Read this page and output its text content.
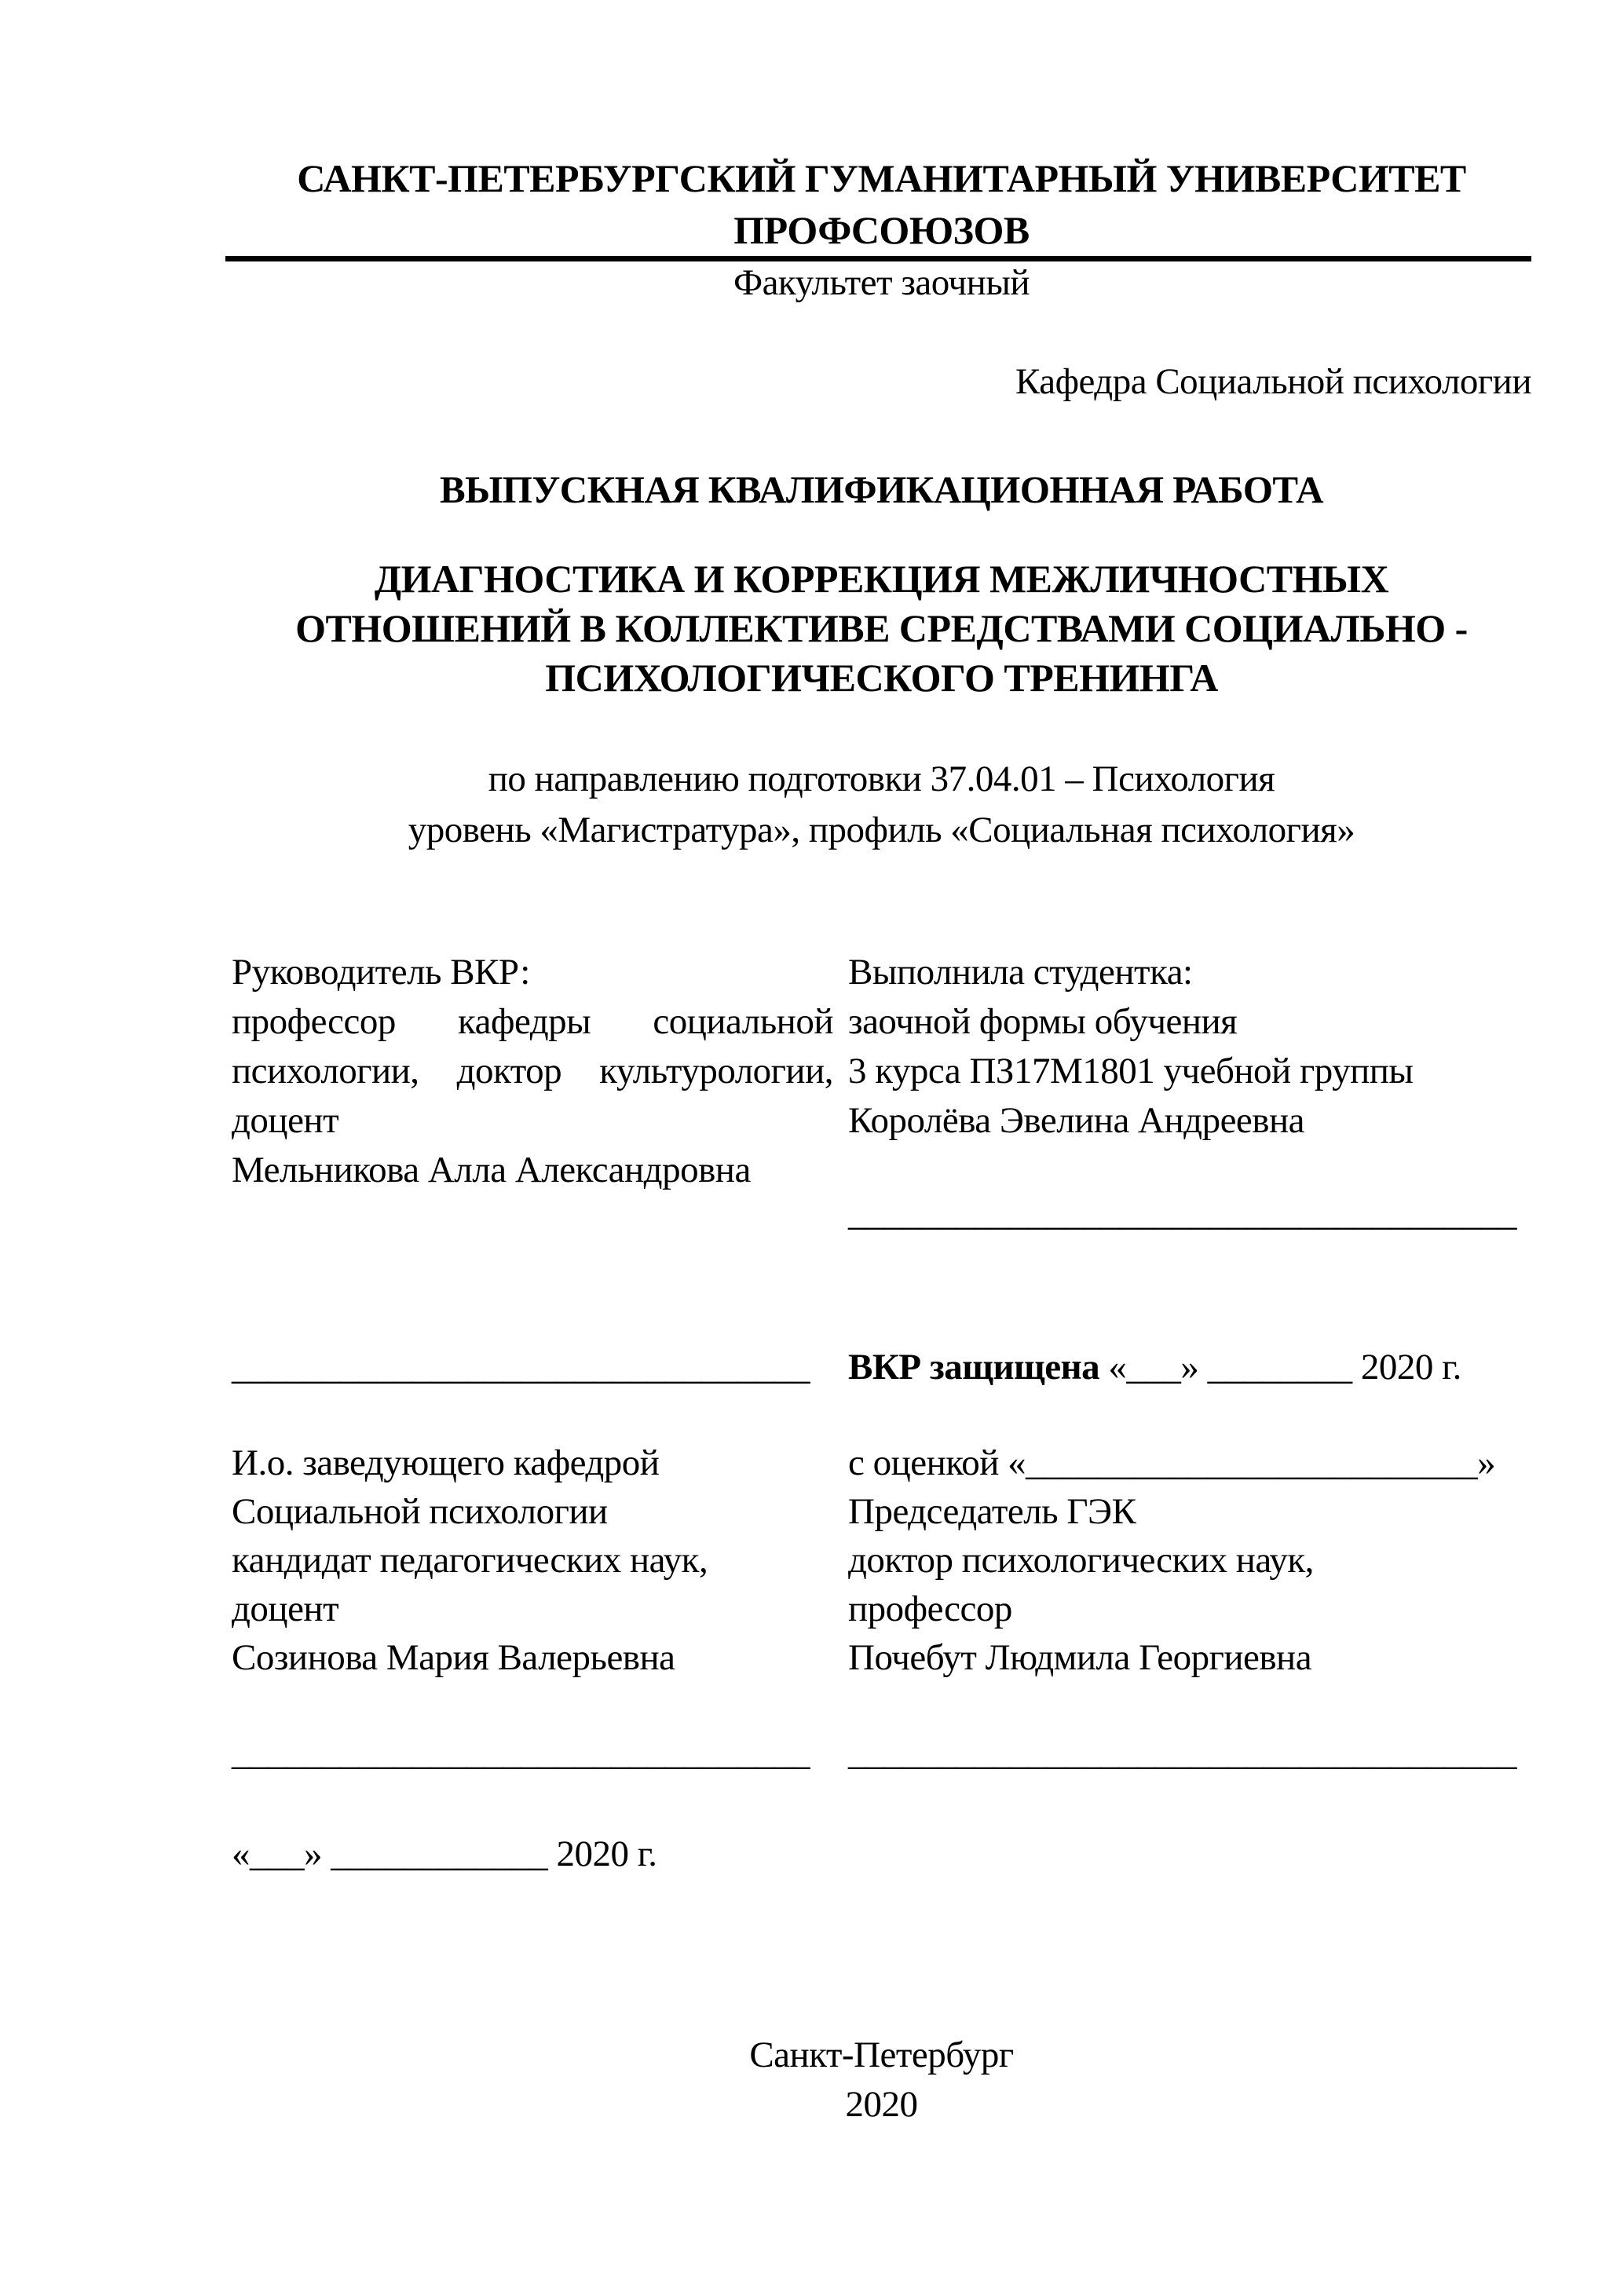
САНКТ-ПЕТЕРБУРГСКИЙ ГУМАНИТАРНЫЙ УНИВЕРСИТЕТ
ПРОФСОЮЗОВ
Факультет заочный
Кафедра Социальной психологии
ВЫПУСКНАЯ КВАЛИФИКАЦИОННАЯ РАБОТА
ДИАГНОСТИКА И КОРРЕКЦИЯ МЕЖЛИЧНОСТНЫХ
ОТНОШЕНИЙ В КОЛЛЕКТИВЕ СРЕДСТВАМИ СОЦИАЛЬНО -
ПСИХОЛОГИЧЕСКОГО ТРЕНИНГА
по направлению подготовки 37.04.01 – Психология
уровень «Магистратура», профиль «Социальная психология»
Руководитель ВКР:
профессор кафедры социальной
психологии, доктор культурологии,
доцент
Мельникова Алла Александровна
Выполнила студентка:
заочной формы обучения
3 курса ПЗ17М1801 учебной группы
Королёва Эвелина Андреевна
_____________________________________
________________________________	ВКР защищена «___» ________ 2020 г.
И.о. заведующего кафедрой
Социальной психологии
кандидат педагогических наук,
доцент
Созинова Мария Валерьевна
с оценкой «_________________________»
Председатель ГЭК
доктор психологических наук,
профессор
Почебут Людмила Георгиевна
________________________________	_____________________________________
«___» ____________ 2020 г.
Санкт-Петербург
2020
